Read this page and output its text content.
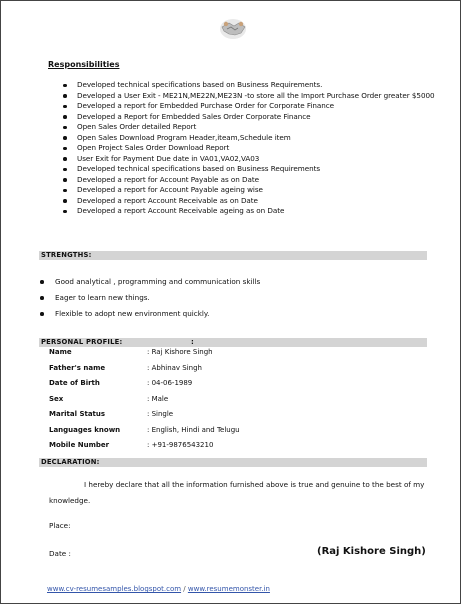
Responsibilities
Developed technical specifications based on Business Requirements.
Developed a User Exit - ME21N,ME22N,ME23N -to store all the Import Purchase Order greater $5000
Developed a report for Embedded Purchase Order for Corporate Finance
Developed a Report for Embedded Sales Order Corporate Finance
Open Sales Order detailed Report
Open Sales Download Program Header,iteam,Schedule item
Open Project Sales Order Download Report
User Exit for Payment Due date in VA01,VA02,VA03
Developed technical specifications based on Business Requirements
Developed a report for Account Payable as on Date
Developed a report for Account Payable ageing wise
Developed a report Account Receivable as on Date
Developed a report Account Receivable ageing as on Date
STRENGTHS:
Good analytical , programming and communication skills
Eager to learn new things.
Flexible to adopt new environment quickly.
PERSONAL PROFILE:	:
Name	: Raj Kishore Singh
Father's name	: Abhinav Singh
Date of Birth	: 04-06-1989
Sex	: Male
Marital Status	: Single
Languages known	: English, Hindi and Telugu
Mobile Number	: +91-9876543210
DECLARATION:
I hereby declare that all the information furnished above is true and genuine to the best of my knowledge.
Place:
Date :	(Raj Kishore Singh)
www.cv-resumesamples.blogspot.com / www.resumemonster.in
